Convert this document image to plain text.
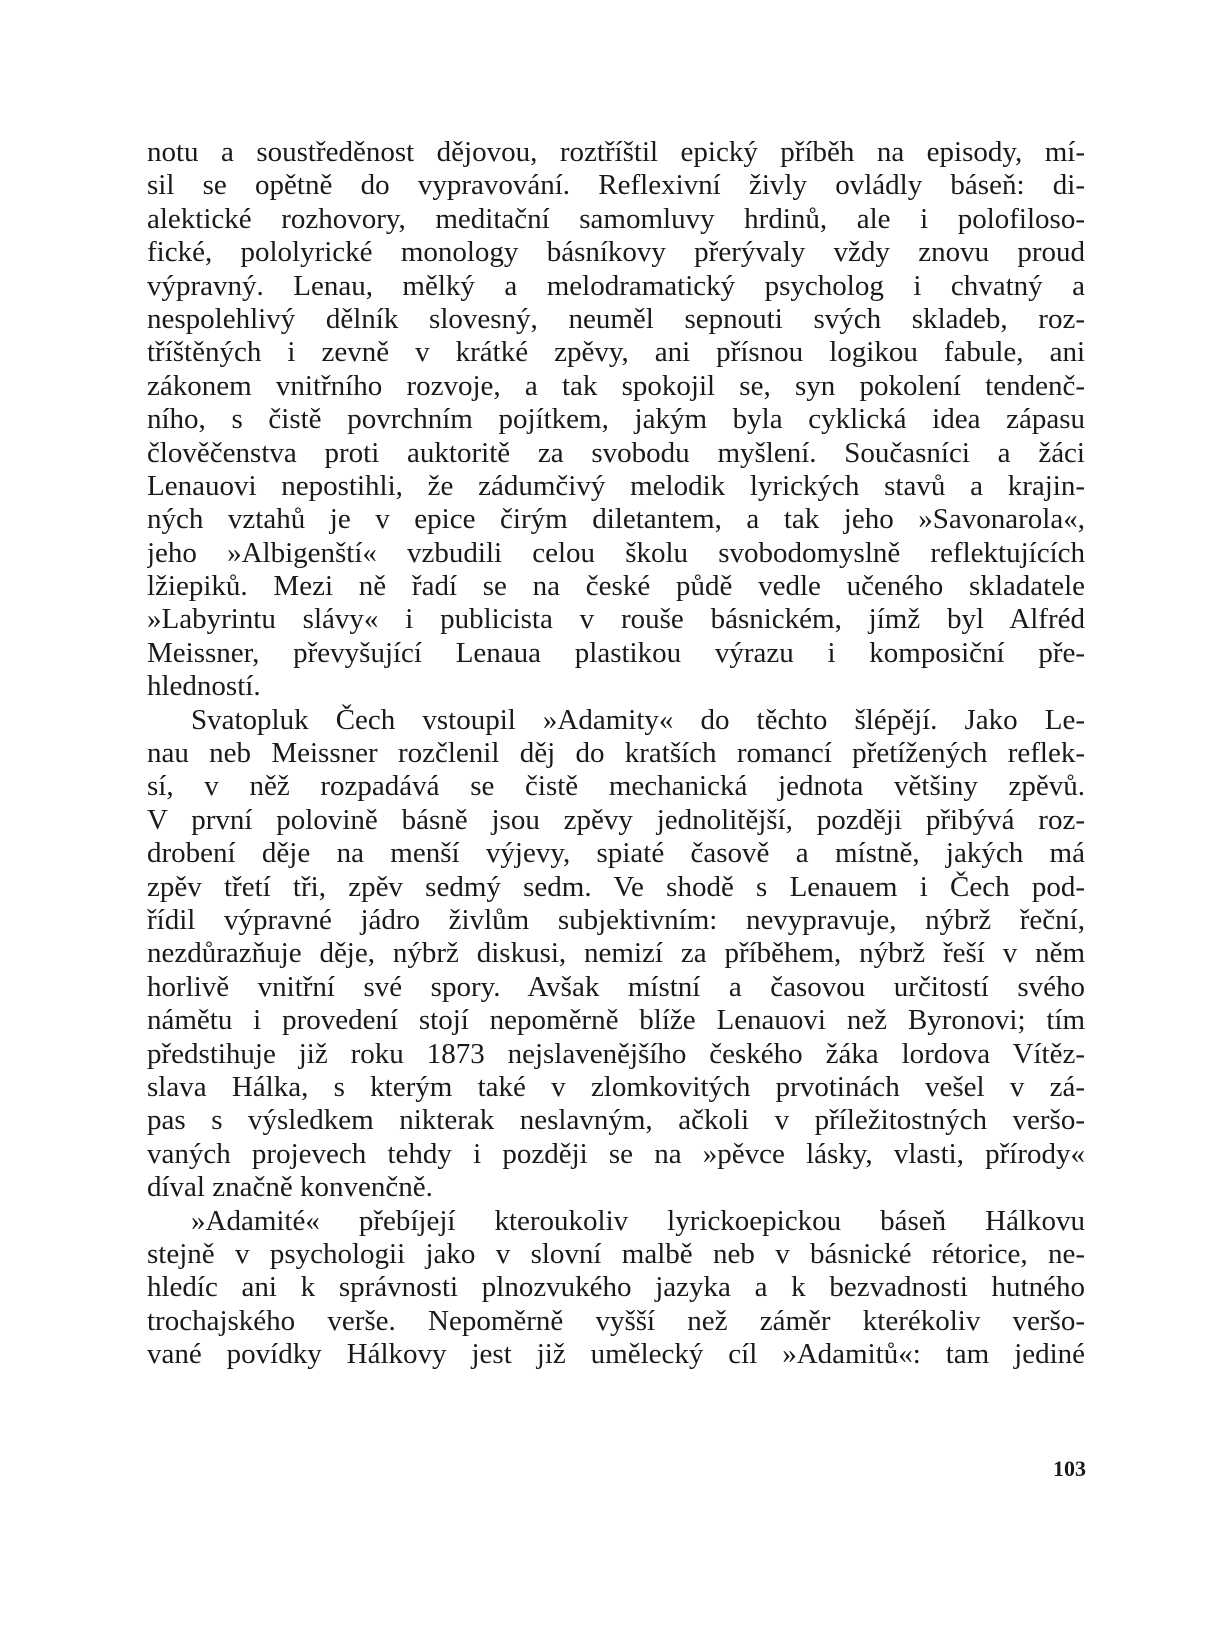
notu a soustředěnost dějovou, roztříštil epický příběh na episody, mí-
sil se opětně do vypravování. Reflexivní živly ovládly báseň: di-
alektické rozhovory, meditační samomluvy hrdinů, ale i polofiloso-
fické, pololyrické monology básníkovy přerývaly vždy znovu proud
výpravný. Lenau, mělký a melodramatický psycholog i chvatný a
nespolehlivý dělník slovesný, neuměl sepnouti svých skladeb, roz-
tříštěných i zevně v krátké zpěvy, ani přísnou logikou fabule, ani
zákonem vnitřního rozvoje, a tak spokojil se, syn pokolení tendenč-
ního, s čistě povrchním pojítkem, jakým byla cyklická idea zápasu
člověčenstva proti auktoritě za svobodu myšlení. Současníci a žáci
Lenauovi nepostihli, že zádumčivý melodik lyrických stavů a krajin-
ných vztahů je v epice čirým diletantem, a tak jeho »Savonarola«,
jeho »Albigenští« vzbudili celou školu svobodomyslně reflektujících
lžiepiků. Mezi ně řadí se na české půdě vedle učeného skladatele
»Labyrintu slávy« i publicista v rouše básnickém, jímž byl Alfréd
Meissner, převyšující Lenaua plastikou výrazu i komposiční pře-
hledností.
Svatopluk Čech vstoupil »Adamity« do těchto šlépějí. Jako Le-
nau neb Meissner rozčlenil děj do kratších romancí přetížených reflek-
sí, v něž rozpadává se čistě mechanická jednota většiny zpěvů.
V první polovině básně jsou zpěvy jednolitější, později přibývá roz-
drobení děje na menší výjevy, spiaté časově a místně, jakých má
zpěv třetí tři, zpěv sedmý sedm. Ve shodě s Lenauem i Čech pod-
řídil výpravné jádro živlům subjektivním: nevypravuje, nýbrž řeční,
nezdůrazňuje děje, nýbrž diskusi, nemizí za příběhem, nýbrž řeší v něm
horlivě vnitřní své spory. Avšak místní a časovou určitostí svého
námětu i provedení stojí nepoměrně blíže Lenauovi než Byronovi; tím
předstihuje již roku 1873 nejslavenějšího českého žáka lordova Vítěz-
slava Hálka, s kterým také v zlomkovitých prvotinách vešel v zá-
pas s výsledkem nikterak neslavným, ačkoli v příležitostných veršo-
vaných projevech tehdy i později se na »pěvce lásky, vlasti, přírody«
díval značně konvenčně.
»Adamité« přebíjejí kteroukoliv lyrickoepickou báseň Hálkovu
stejně v psychologii jako v slovní malbě neb v básnické rétorice, ne-
hledíc ani k správnosti plnozvukého jazyka a k bezvadnosti hutného
trochajského verše. Nepoměrně vyšší než záměr kterékoliv veršo-
vané povídky Hálkovy jest již umělecký cíl »Adamitů«: tam jediné
103
